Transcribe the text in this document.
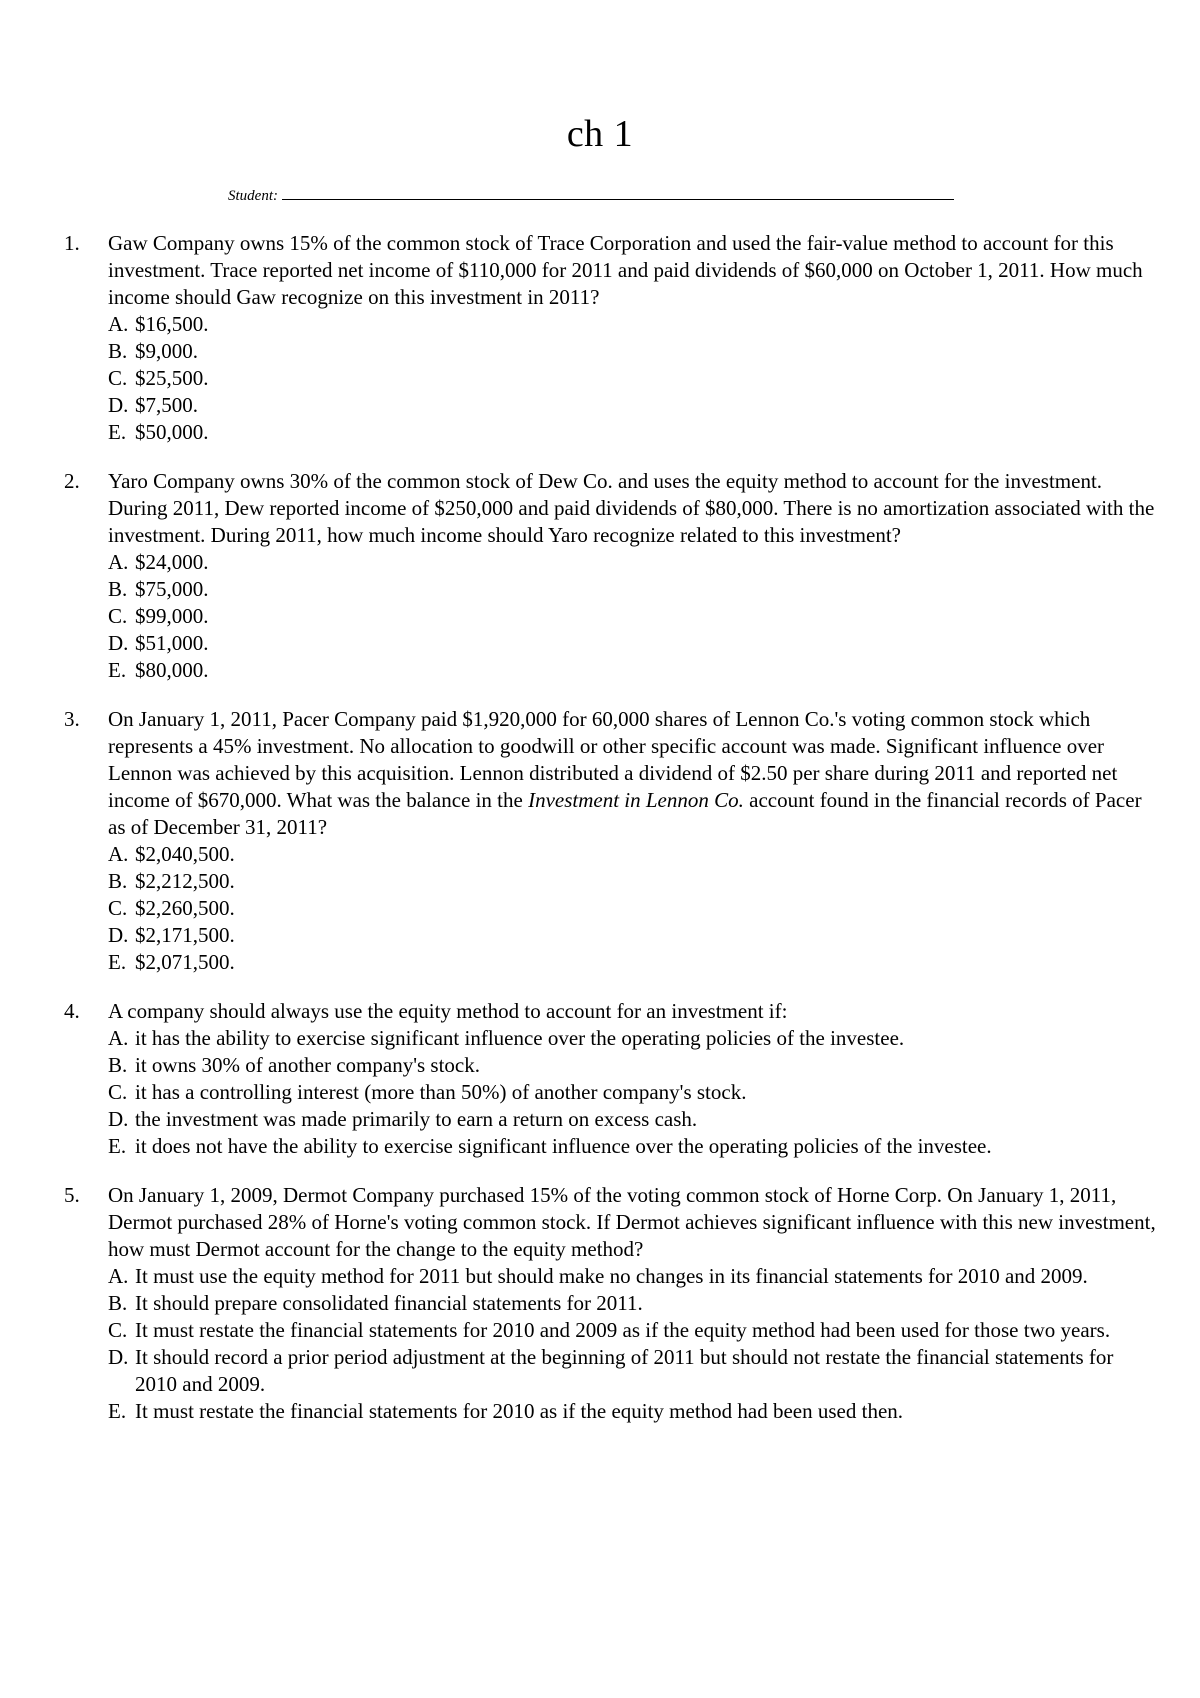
ch 1
Student:
1. Gaw Company owns 15% of the common stock of Trace Corporation and used the fair-value method to account for this investment. Trace reported net income of $110,000 for 2011 and paid dividends of $60,000 on October 1, 2011. How much income should Gaw recognize on this investment in 2011?

A. $16,500.
B. $9,000.
C. $25,500.
D. $7,500.
E. $50,000.
2. Yaro Company owns 30% of the common stock of Dew Co. and uses the equity method to account for the investment. During 2011, Dew reported income of $250,000 and paid dividends of $80,000. There is no amortization associated with the investment. During 2011, how much income should Yaro recognize related to this investment?

A. $24,000.
B. $75,000.
C. $99,000.
D. $51,000.
E. $80,000.
3. On January 1, 2011, Pacer Company paid $1,920,000 for 60,000 shares of Lennon Co.'s voting common stock which represents a 45% investment. No allocation to goodwill or other specific account was made. Significant influence over Lennon was achieved by this acquisition. Lennon distributed a dividend of $2.50 per share during 2011 and reported net income of $670,000. What was the balance in the Investment in Lennon Co. account found in the financial records of Pacer as of December 31, 2011?

A. $2,040,500.
B. $2,212,500.
C. $2,260,500.
D. $2,171,500.
E. $2,071,500.
4. A company should always use the equity method to account for an investment if:

A. it has the ability to exercise significant influence over the operating policies of the investee.
B. it owns 30% of another company's stock.
C. it has a controlling interest (more than 50%) of another company's stock.
D. the investment was made primarily to earn a return on excess cash.
E. it does not have the ability to exercise significant influence over the operating policies of the investee.
5. On January 1, 2009, Dermot Company purchased 15% of the voting common stock of Horne Corp. On January 1, 2011, Dermot purchased 28% of Horne's voting common stock. If Dermot achieves significant influence with this new investment, how must Dermot account for the change to the equity method?

A. It must use the equity method for 2011 but should make no changes in its financial statements for 2010 and 2009.
B. It should prepare consolidated financial statements for 2011.
C. It must restate the financial statements for 2010 and 2009 as if the equity method had been used for those two years.
D. It should record a prior period adjustment at the beginning of 2011 but should not restate the financial statements for 2010 and 2009.
E. It must restate the financial statements for 2010 as if the equity method had been used then.
